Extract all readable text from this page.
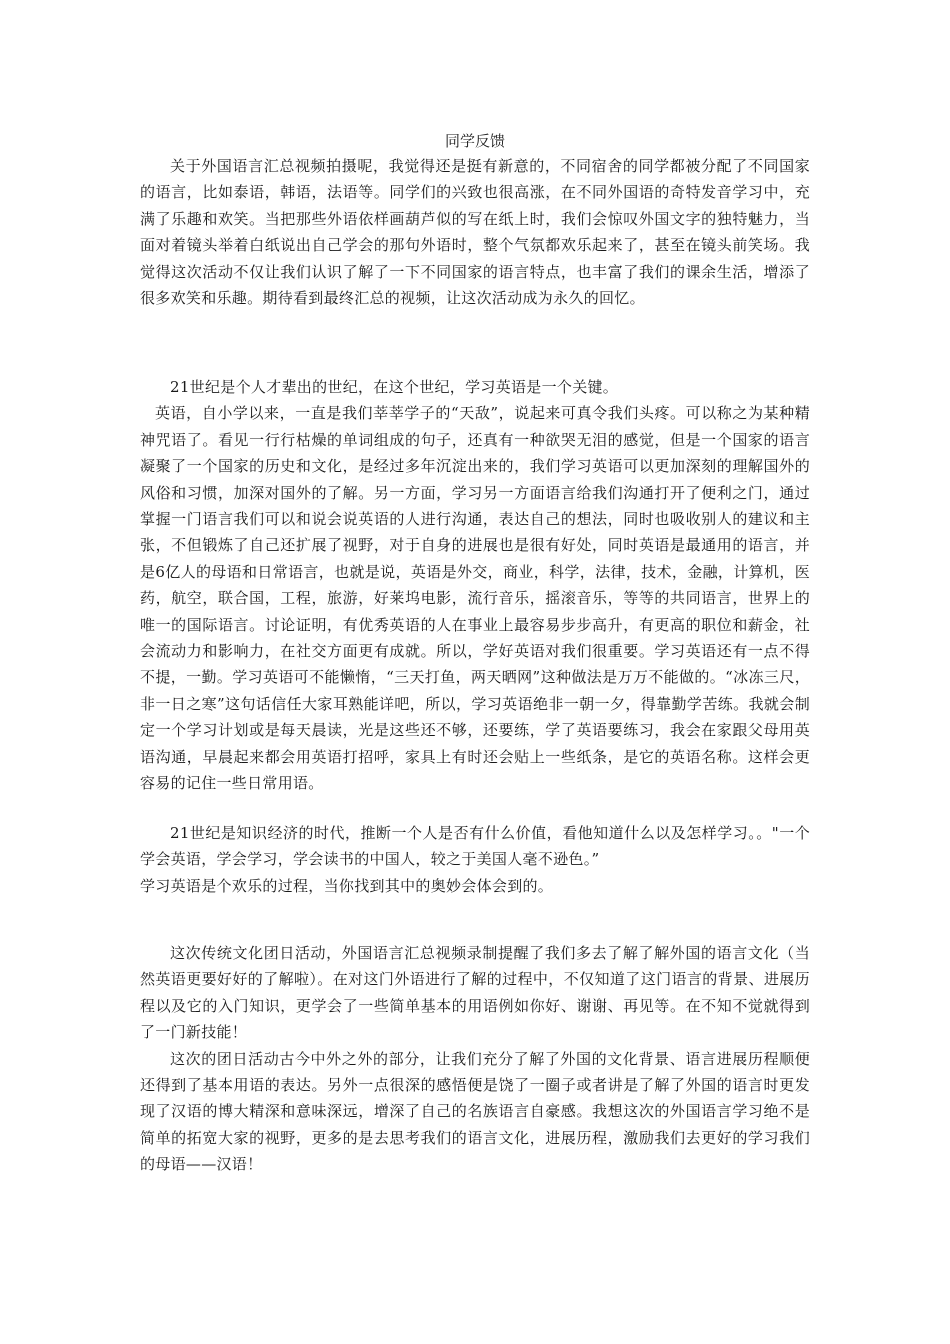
同学反馈

关于外国语言汇总视频拍摄呢，我觉得还是挺有新意的，不同宿舍的同学都被分配了不同国家的语言，比如泰语，韩语，法语等。同学们的兴致也很高涨，在不同外国语的奇特发音学习中，充满了乐趣和欢笑。当把那些外语依样画葫芦似的写在纸上时，我们会惊叹外国文字的独特魅力，当面对着镜头举着白纸说出自己学会的那句外语时，整个气氛都欢乐起来了，甚至在镜头前笑场。我觉得这次活动不仅让我们认识了解了一下不同国家的语言特点，也丰富了我们的课余生活，增添了很多欢笑和乐趣。期待看到最终汇总的视频，让这次活动成为永久的回忆。

21世纪是个人才辈出的世纪，在这个世纪，学习英语是一个关键。

英语，自小学以来，一直是我们莘莘学子的“天敌”，说起来可真令我们头疼。可以称之为某种精神咒语了。看见一行行枯燥的单词组成的句子，还真有一种欲哭无泪的感觉，但是一个国家的语言凝聚了一个国家的历史和文化，是经过多年沉淀出来的，我们学习英语可以更加深刻的理解国外的风俗和习惯，加深对国外的了解。另一方面，学习另一方面语言给我们沟通打开了便利之门，通过掌握一门语言我们可以和说会说英语的人进行沟通，表达自己的想法，同时也吸收别人的建议和主张，不但锻炼了自己还扩展了视野，对于自身的进展也是很有好处，同时英语是最通用的语言，并是6亿人的母语和日常语言，也就是说，英语是外交，商业，科学，法律，技术，金融，计算机，医药，航空，联合国，工程，旅游，好莱坞电影，流行音乐，摇滚音乐，等等的共同语言，世界上的唯一的国际语言。讨论证明，有优秀英语的人在事业上最容易步步高升，有更高的职位和薪金，社会流动力和影响力，在社交方面更有成就。所以，学好英语对我们很重要。学习英语还有一点不得不提，一勤。学习英语可不能懒惰，“三天打鱼，两天晒网”这种做法是万万不能做的。“冰冻三尺，非一日之寒”这句话信任大家耳熟能详吧，所以，学习英语绝非一朝一夕，得靠勤学苦练。我就会制定一个学习计划或是每天晨读，光是这些还不够，还要练，学了英语要练习，我会在家跟父母用英语沟通，早晨起来都会用英语打招呼，家具上有时还会贴上一些纸条，是它的英语名称。这样会更容易的记住一些日常用语。

21世纪是知识经济的时代，推断一个人是否有什么价值，看他知道什么以及怎样学习。。"一个学会英语，学会学习，学会读书的中国人，较之于美国人毫不逊色。”

学习英语是个欢乐的过程，当你找到其中的奥妙会体会到的。

这次传统文化团日活动，外国语言汇总视频录制提醒了我们多去了解了解外国的语言文化（当然英语更要好好的了解啦）。在对这门外语进行了解的过程中，不仅知道了这门语言的背景、进展历程以及它的入门知识，更学会了一些简单基本的用语例如你好、谢谢、再见等。在不知不觉就得到了一门新技能！

这次的团日活动古今中外之外的部分，让我们充分了解了外国的文化背景、语言进展历程顺便还得到了基本用语的表达。另外一点很深的感悟便是饶了一圈子或者讲是了解了外国的语言时更发现了汉语的博大精深和意味深远，增深了自己的名族语言自豪感。我想这次的外国语言学习绝不是简单的拓宽大家的视野，更多的是去思考我们的语言文化，进展历程，激励我们去更好的学习我们的母语——汉语！
